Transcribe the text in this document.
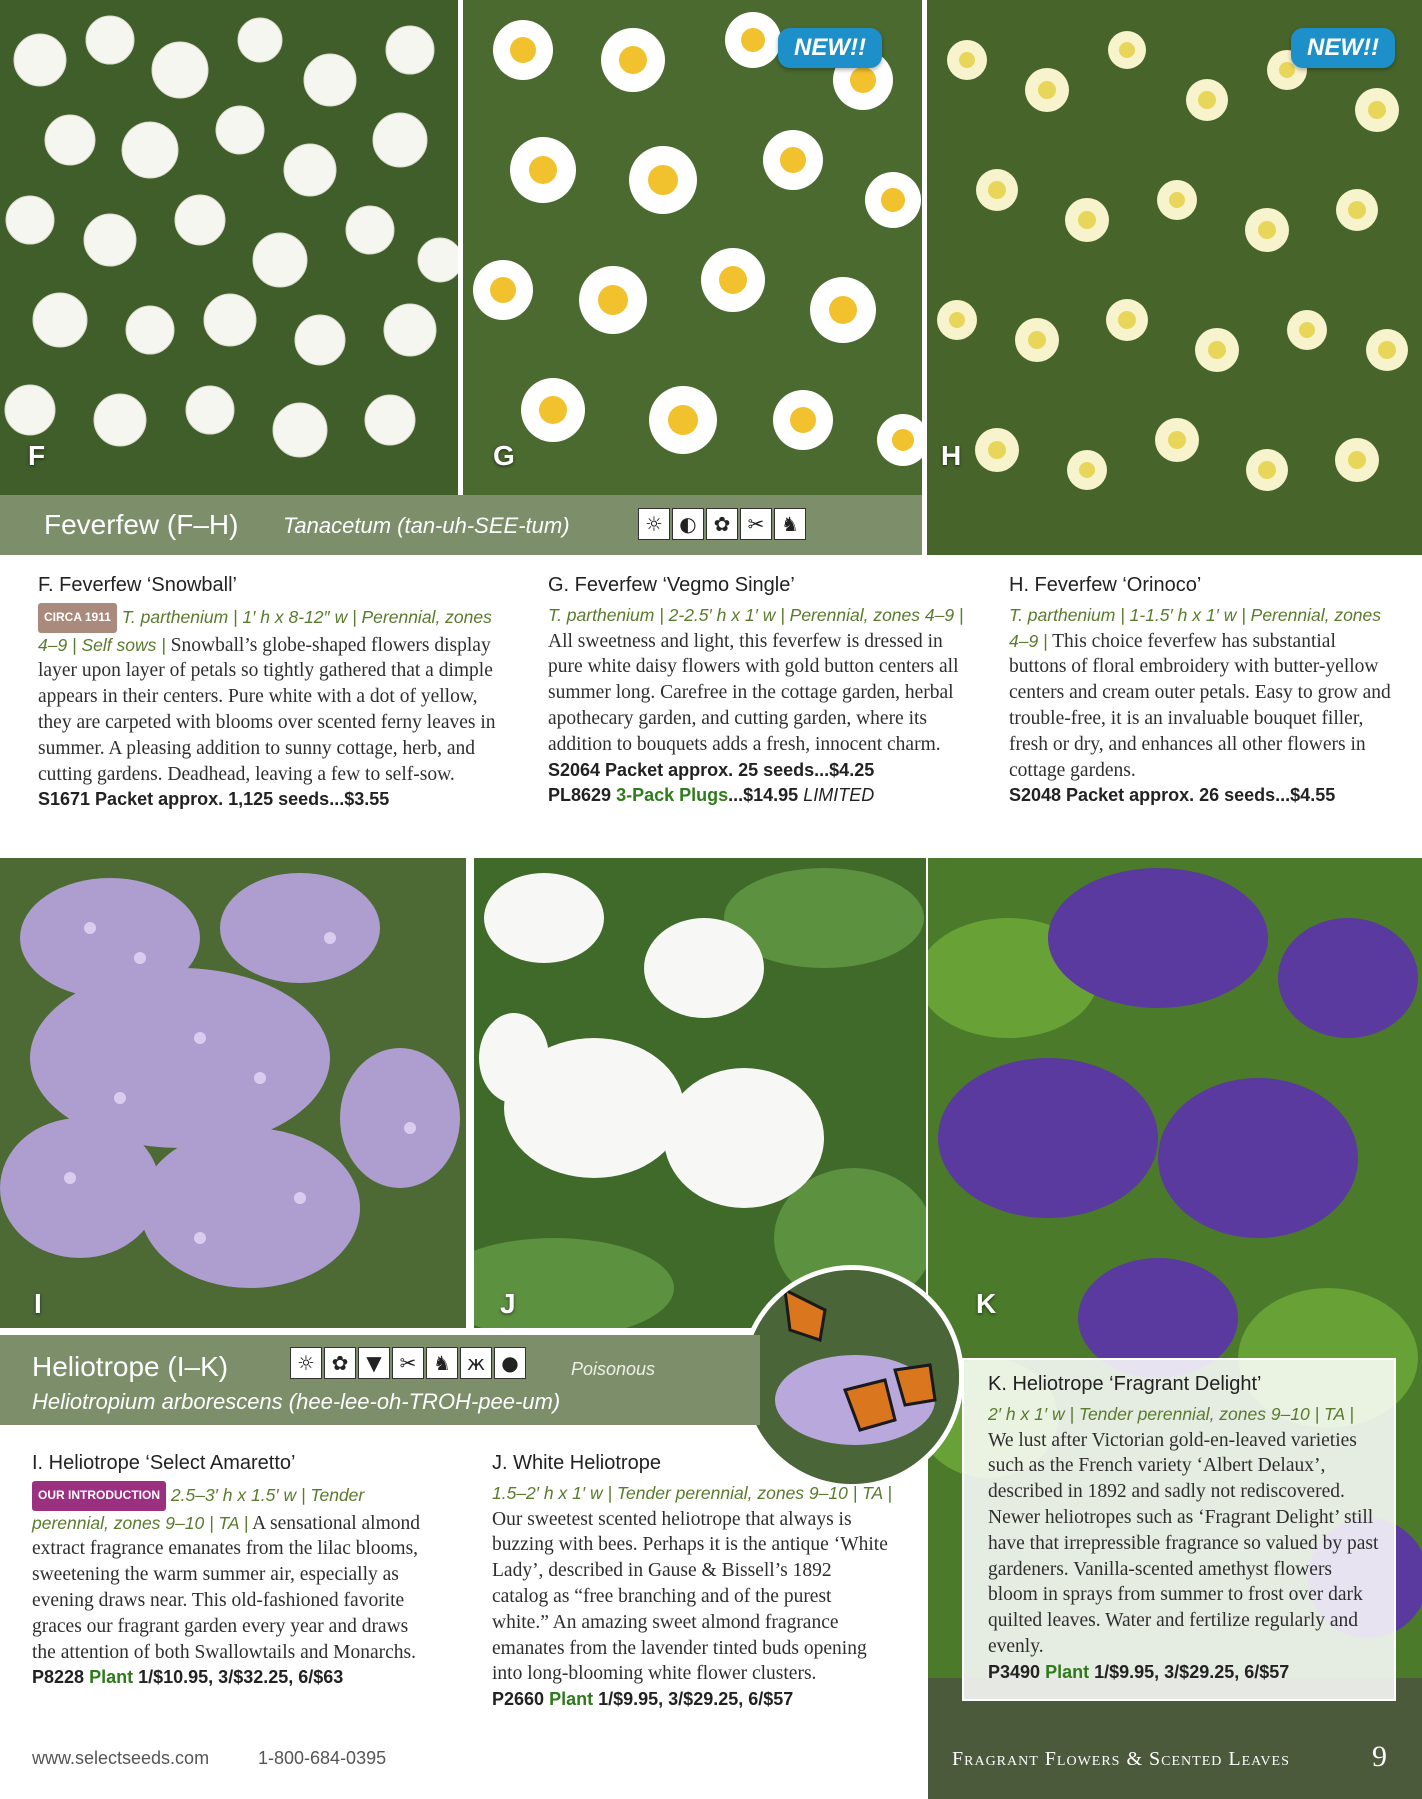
F
NEW!!
G
NEW!!
H
Feverfew (F–H) Tanacetum (tan-uh-SEE-tum)	☼ ◐ ✿ ✂ ♞
F. Feverfew ‘Snowball’
CIRCA 1911 T. parthenium | 1′ h x 8-12″ w | Perennial, zones 4–9 | Self sows | Snowball’s globe-shaped flowers display layer upon layer of petals so tightly gathered that a dimple appears in their centers. Pure white with a dot of yellow, they are carpeted with blooms over scented ferny leaves in summer. A pleasing addition to sunny cottage, herb, and cutting gardens. Deadhead, leaving a few to self-sow.
S1671 Packet approx. 1,125 seeds...$3.55
G. Feverfew ‘Vegmo Single’
T. parthenium | 2-2.5′ h x 1′ w | Perennial, zones 4–9 | All sweetness and light, this feverfew is dressed in pure white daisy flowers with gold button centers all summer long. Carefree in the cottage garden, herbal apothecary garden, and cutting garden, where its addition to bouquets adds a fresh, innocent charm.
S2064 Packet approx. 25 seeds...$4.25
PL8629 3-Pack Plugs...$14.95 LIMITED
H. Feverfew ‘Orinoco’
T. parthenium | 1-1.5′ h x 1′ w | Perennial, zones 4–9 | This choice feverfew has substantial buttons of floral embroidery with butter-yellow centers and cream outer petals. Easy to grow and trouble-free, it is an invaluable bouquet filler, fresh or dry, and enhances all other flowers in cottage gardens.
S2048 Packet approx. 26 seeds...$4.55
I	J	K
Heliotrope (I–K)	☼ ✿ ▼ ✂ ♞ ж ●	Poisonous
Heliotropium arborescens (hee-lee-oh-TROH-pee-um)
I. Heliotrope ‘Select Amaretto’
OUR INTRODUCTION 2.5–3′ h x 1.5′ w | Tender perennial, zones 9–10 | TA | A sensational almond extract fragrance emanates from the lilac blooms, sweetening the warm summer air, especially as evening draws near. This old-fashioned favorite graces our fragrant garden every year and draws the attention of both Swallowtails and Monarchs.
P8228 Plant 1/$10.95, 3/$32.25, 6/$63
J. White Heliotrope
1.5–2′ h x 1′ w | Tender perennial, zones 9–10 | TA | Our sweetest scented heliotrope that always is buzzing with bees. Perhaps it is the antique ‘White Lady’, described in Gause & Bissell’s 1892 catalog as “free branching and of the purest white.” An amazing sweet almond fragrance emanates from the lavender tinted buds opening into long-blooming white flower clusters.
P2660 Plant 1/$9.95, 3/$29.25, 6/$57
K. Heliotrope ‘Fragrant Delight’
2′ h x 1′ w | Tender perennial, zones 9–10 | TA | We lust after Victorian gold-en-leaved varieties such as the French variety ‘Albert Delaux’, described in 1892 and sadly not rediscovered. Newer heliotropes such as ‘Fragrant Delight’ still have that irrepressible fragrance so valued by past gardeners. Vanilla-scented amethyst flowers bloom in sprays from summer to frost over dark quilted leaves. Water and fertilize regularly and evenly.
P3490 Plant 1/$9.95, 3/$29.25, 6/$57
www.selectseeds.com	1-800-684-0395	Fragrant Flowers & Scented Leaves	9
